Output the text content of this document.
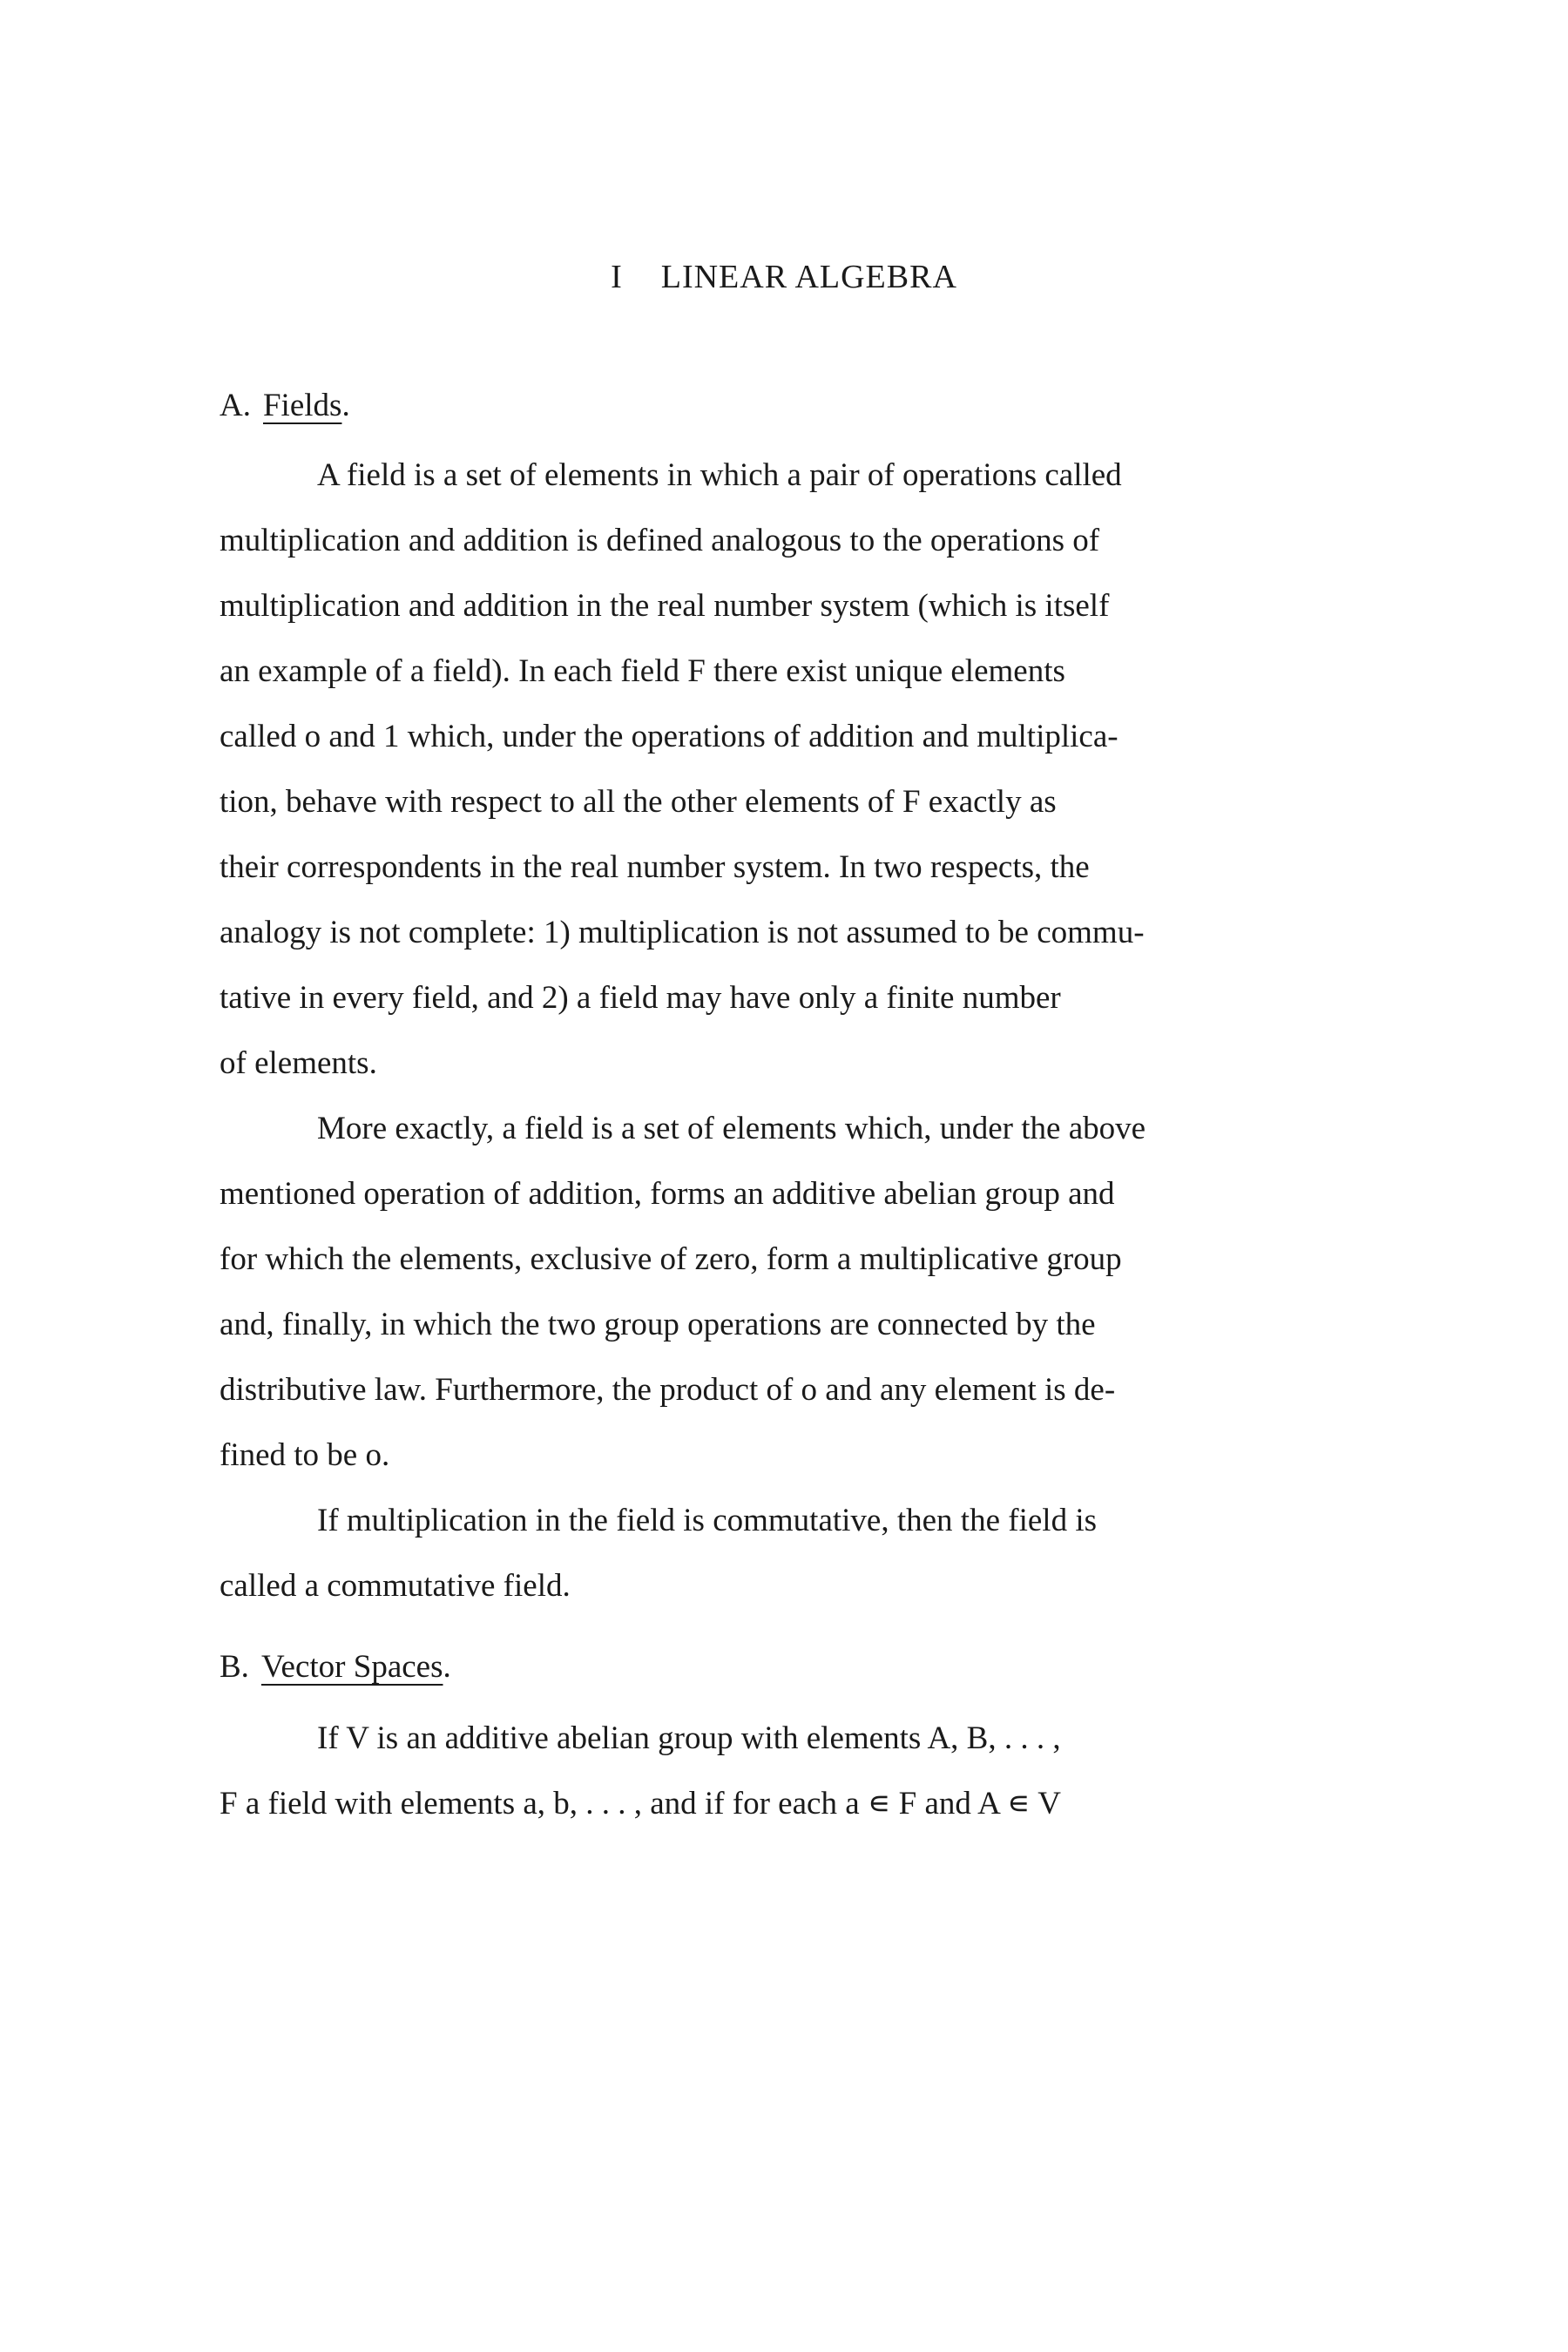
I LINEAR ALGEBRA
A. Fields.
A field is a set of elements in which a pair of operations called
multiplication and addition is defined analogous to the operations of
multiplication and addition in the real number system (which is itself
an example of a field). In each field F there exist unique elements
called o and 1 which, under the operations of addition and multiplica-
tion, behave with respect to all the other elements of F exactly as
their correspondents in the real number system. In two respects, the
analogy is not complete: 1) multiplication is not assumed to be commu-
tative in every field, and 2) a field may have only a finite number
of elements.
More exactly, a field is a set of elements which, under the above
mentioned operation of addition, forms an additive abelian group and
for which the elements, exclusive of zero, form a multiplicative group
and, finally, in which the two group operations are connected by the
distributive law. Furthermore, the product of o and any element is de-
fined to be o.
If multiplication in the field is commutative, then the field is
called a commutative field.
B. Vector Spaces.
If V is an additive abelian group with elements A, B, . . . ,
F a field with elements a, b, . . . , and if for each a ∊ F and A ∊ V
